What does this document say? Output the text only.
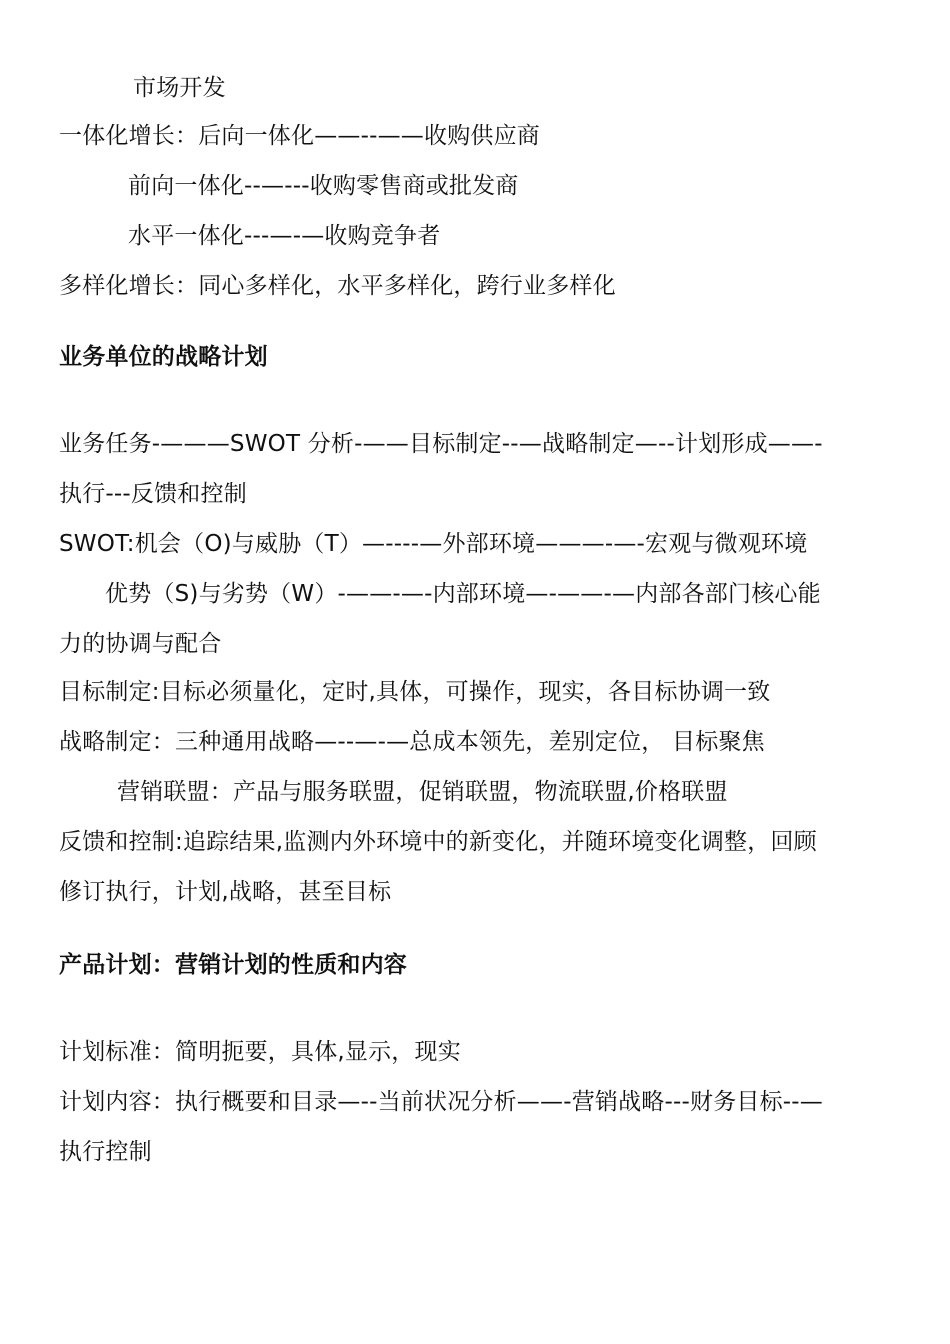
市场开发
一体化增长：后向一体化——--——收购供应商
前向一体化--—---收购零售商或批发商
水平一体化---—-—收购竞争者
多样化增长：同心多样化，水平多样化，跨行业多样化
业务单位的战略计划
业务任务-———SWOT 分析-——目标制定--—战略制定—--计划形成——-
执行---反馈和控制
SWOT:机会（O)与威胁（T）—----—外部环境———-—-宏观与微观环境
优势（S)与劣势（W）-——-—-内部环境—-——-—内部各部门核心能
力的协调与配合
目标制定:目标必须量化，定时,具体，可操作，现实，各目标协调一致
战略制定：三种通用战略—--—-—总成本领先，差别定位， 目标聚焦
营销联盟：产品与服务联盟，促销联盟，物流联盟,价格联盟
反馈和控制:追踪结果,监测内外环境中的新变化，并随环境变化调整，回顾
修订执行，计划,战略，甚至目标
产品计划：营销计划的性质和内容
计划标准：简明扼要，具体,显示，现实
计划内容：执行概要和目录—--当前状况分析——-营销战略---财务目标--—
执行控制
